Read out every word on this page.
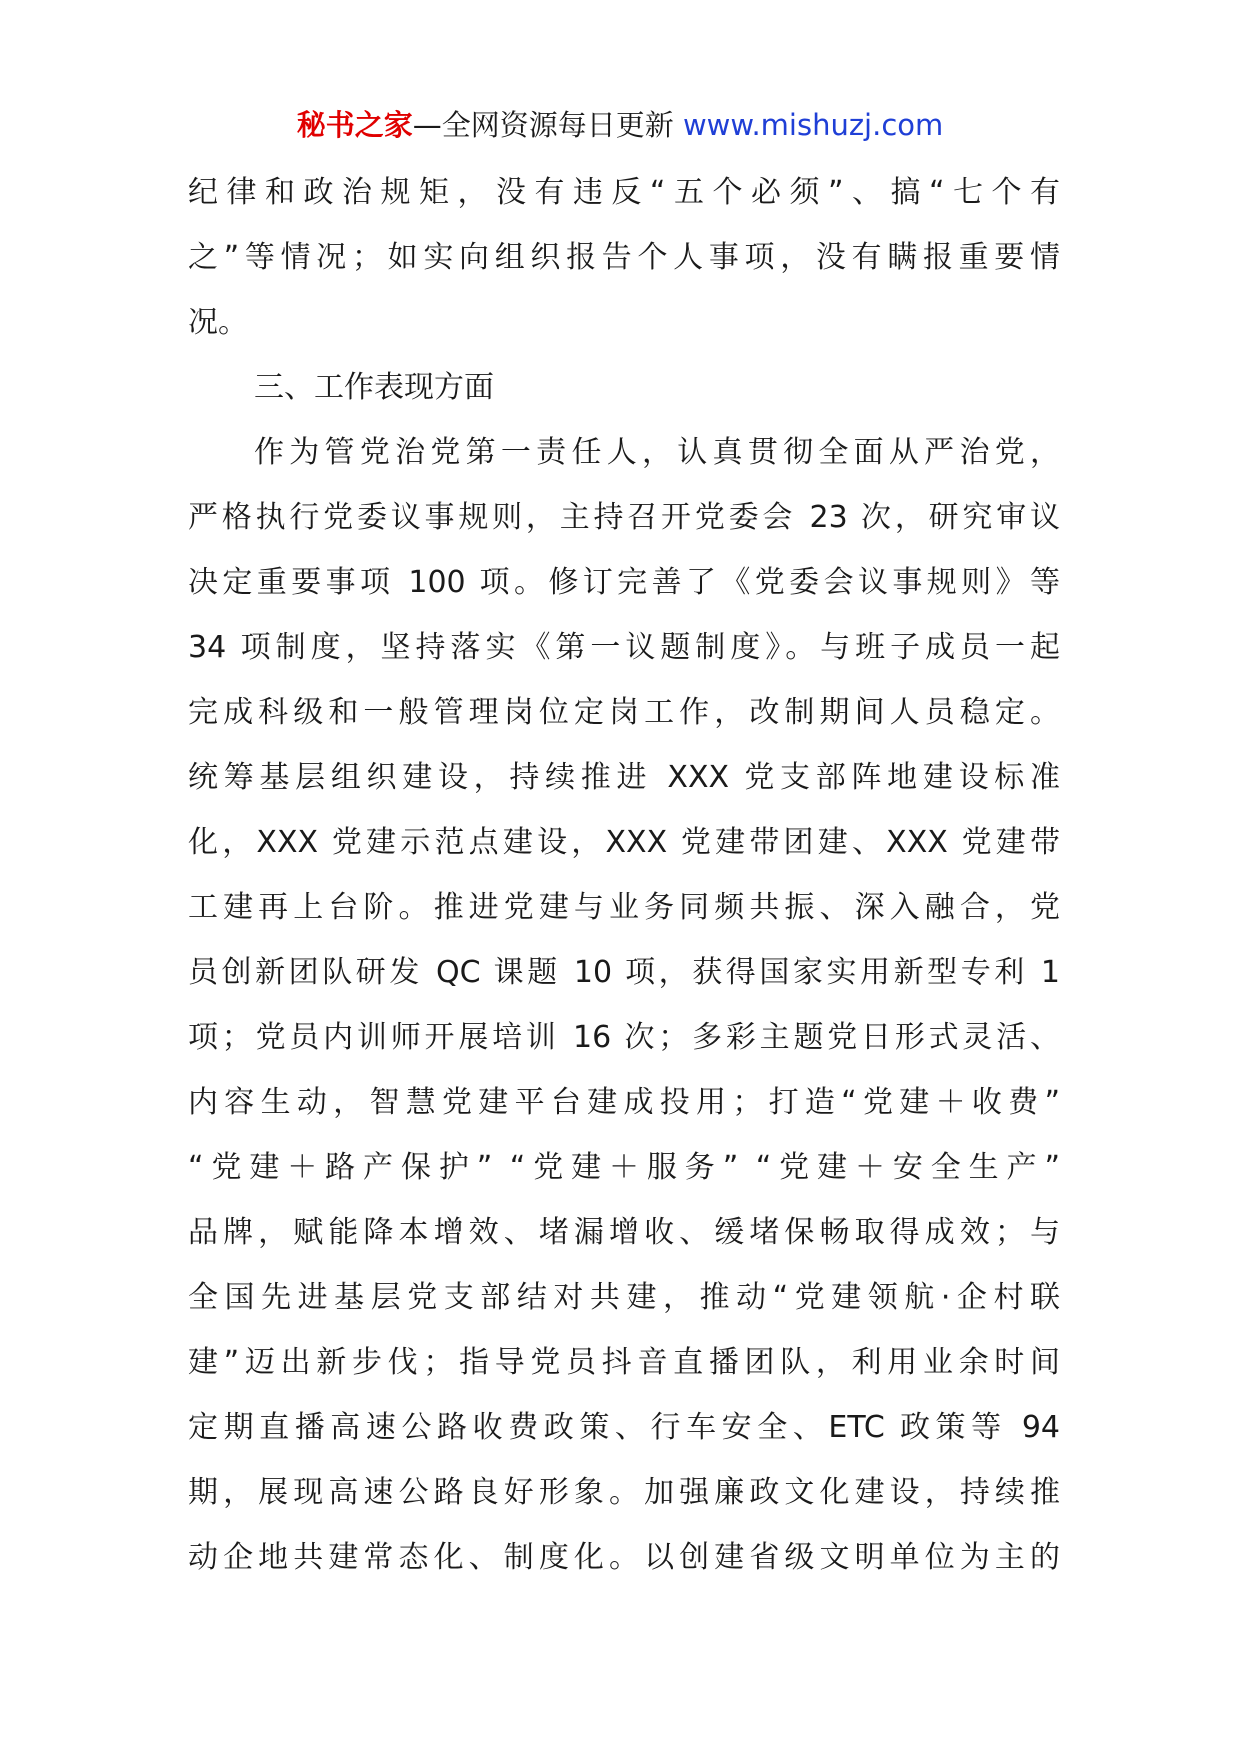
秘书之家—全网资源每日更新 www.mishuzj.com
纪律和政治规矩，没有违反“五个必须”、搞“七个有
之”等情况；如实向组织报告个人事项，没有瞒报重要情
况。
三、工作表现方面
作为管党治党第一责任人，认真贯彻全面从严治党，
严格执行党委议事规则，主持召开党委会 23 次，研究审议
决定重要事项 100 项。修订完善了《党委会议事规则》等
34 项制度，坚持落实《第一议题制度》。与班子成员一起
完成科级和一般管理岗位定岗工作，改制期间人员稳定。
统筹基层组织建设，持续推进 XXX 党支部阵地建设标准
化，XXX 党建示范点建设，XXX 党建带团建、XXX 党建带
工建再上台阶。推进党建与业务同频共振、深入融合，党
员创新团队研发 QC 课题 10 项，获得国家实用新型专利 1
项；党员内训师开展培训 16 次；多彩主题党日形式灵活、
内容生动，智慧党建平台建成投用；打造“党建＋收费”
“党建＋路产保护” “党建＋服务” “党建＋安全生产”
品牌，赋能降本增效、堵漏增收、缓堵保畅取得成效；与
全国先进基层党支部结对共建，推动“党建领航·企村联
建”迈出新步伐；指导党员抖音直播团队，利用业余时间
定期直播高速公路收费政策、行车安全、ETC 政策等 94
期，展现高速公路良好形象。加强廉政文化建设，持续推
动企地共建常态化、制度化。以创建省级文明单位为主的
